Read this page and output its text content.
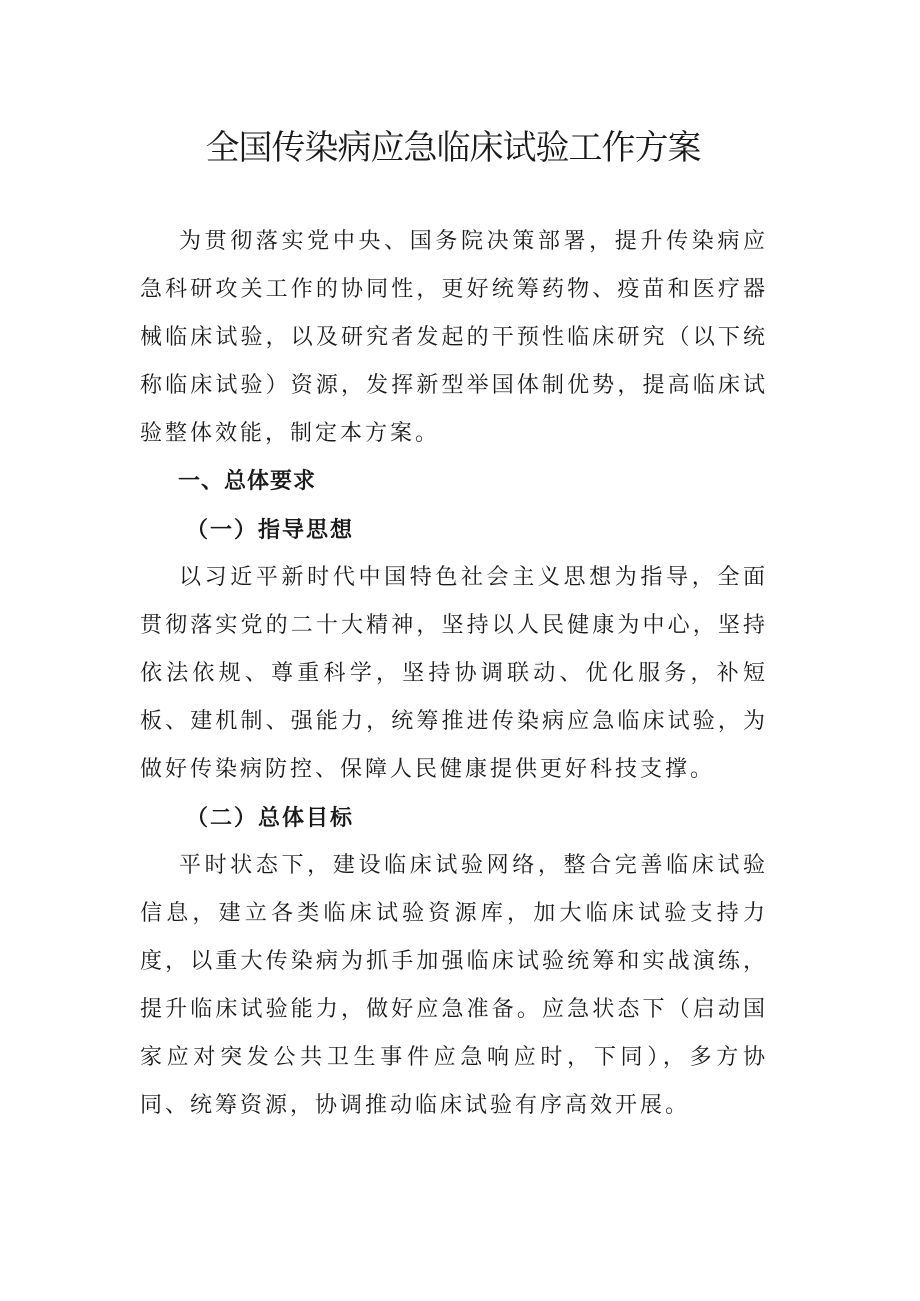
全国传染病应急临床试验工作方案

为贯彻落实党中央、国务院决策部署，提升传染病应急科研攻关工作的协同性，更好统筹药物、疫苗和医疗器械临床试验，以及研究者发起的干预性临床研究（以下统称临床试验）资源，发挥新型举国体制优势，提高临床试验整体效能，制定本方案。

一、总体要求
（一）指导思想

以习近平新时代中国特色社会主义思想为指导，全面贯彻落实党的二十大精神，坚持以人民健康为中心，坚持依法依规、尊重科学，坚持协调联动、优化服务，补短板、建机制、强能力，统筹推进传染病应急临床试验，为做好传染病防控、保障人民健康提供更好科技支撑。

（二）总体目标

平时状态下，建设临床试验网络，整合完善临床试验信息，建立各类临床试验资源库，加大临床试验支持力度，以重大传染病为抓手加强临床试验统筹和实战演练，提升临床试验能力，做好应急准备。应急状态下（启动国家应对突发公共卫生事件应急响应时，下同），多方协同、统筹资源，协调推动临床试验有序高效开展。
